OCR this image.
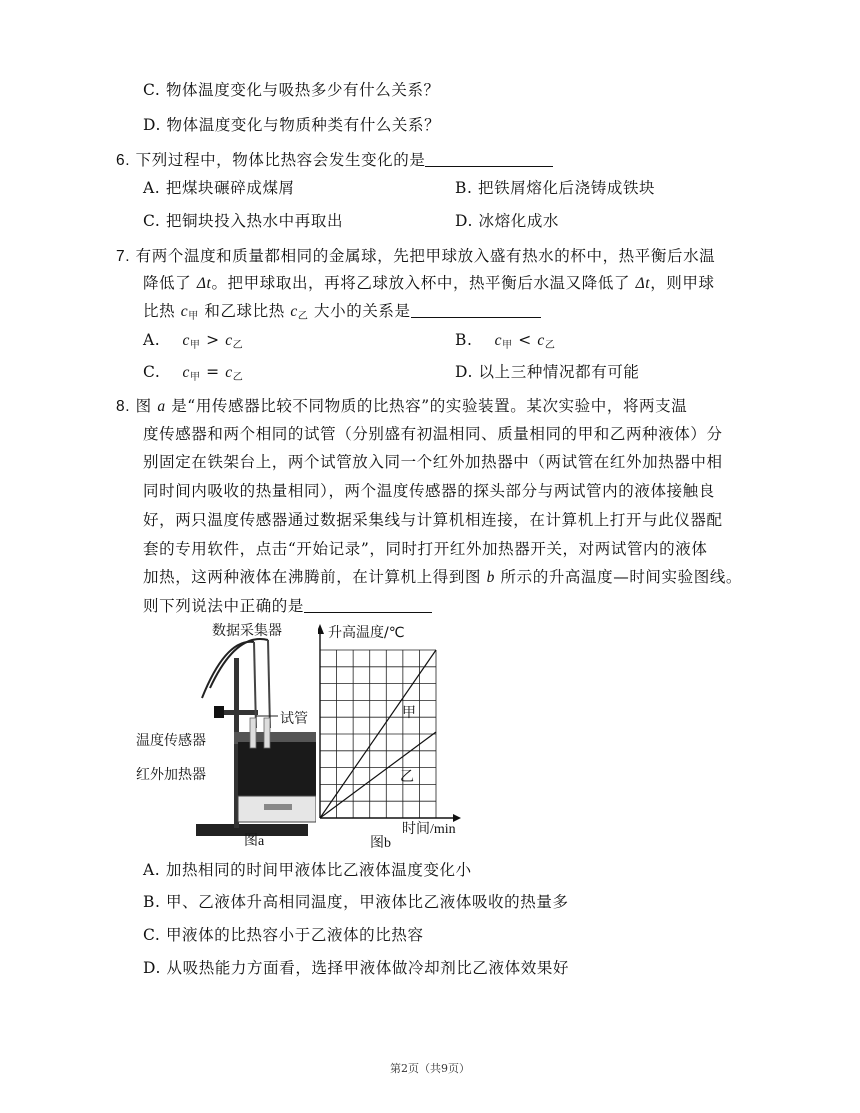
C. 物体温度变化与吸热多少有什么关系？
D. 物体温度变化与物质种类有什么关系？
6. 下列过程中，物体比热容会发生变化的是
A. 把煤块碾碎成煤屑	B. 把铁屑熔化后浇铸成铁块
C. 把铜块投入热水中再取出	D. 冰熔化成水
7. 有两个温度和质量都相同的金属球，先把甲球放入盛有热水的杯中，热平衡后水温
降低了 Δt。把甲球取出，再将乙球放入杯中，热平衡后水温又降低了 Δt，则甲球
比热 $c_甲$ 和乙球比热 $c_乙$ 大小的关系是
A. $c_甲 > c_乙$	B. $c_甲 < c_乙$
C. $c_甲 = c_乙$	D. 以上三种情况都有可能
8. 图 a 是“用传感器比较不同物质的比热容”的实验装置。某次实验中，将两支温
度传感器和两个相同的试管（分别盛有初温相同、质量相同的甲和乙两种液体）分
别固定在铁架台上，两个试管放入同一个红外加热器中（两试管在红外加热器中相
同时间内吸收的热量相同），两个温度传感器的探头部分与两试管内的液体接触良
好，两只温度传感器通过数据采集线与计算机相连接，在计算机上打开与此仪器配
套的专用软件，点击“开始记录”，同时打开红外加热器开关，对两试管内的液体
加热，这两种液体在沸腾前，在计算机上得到图 b 所示的升高温度—时间实验图线。
则下列说法中正确的是
数据采集器
试管
温度传感器
红外加热器
图a
升高温度/℃
甲
乙
时间/min
图b
A. 加热相同的时间甲液体比乙液体温度变化小
B. 甲、乙液体升高相同温度，甲液体比乙液体吸收的热量多
C. 甲液体的比热容小于乙液体的比热容
D. 从吸热能力方面看，选择甲液体做冷却剂比乙液体效果好
第2页（共9页）
